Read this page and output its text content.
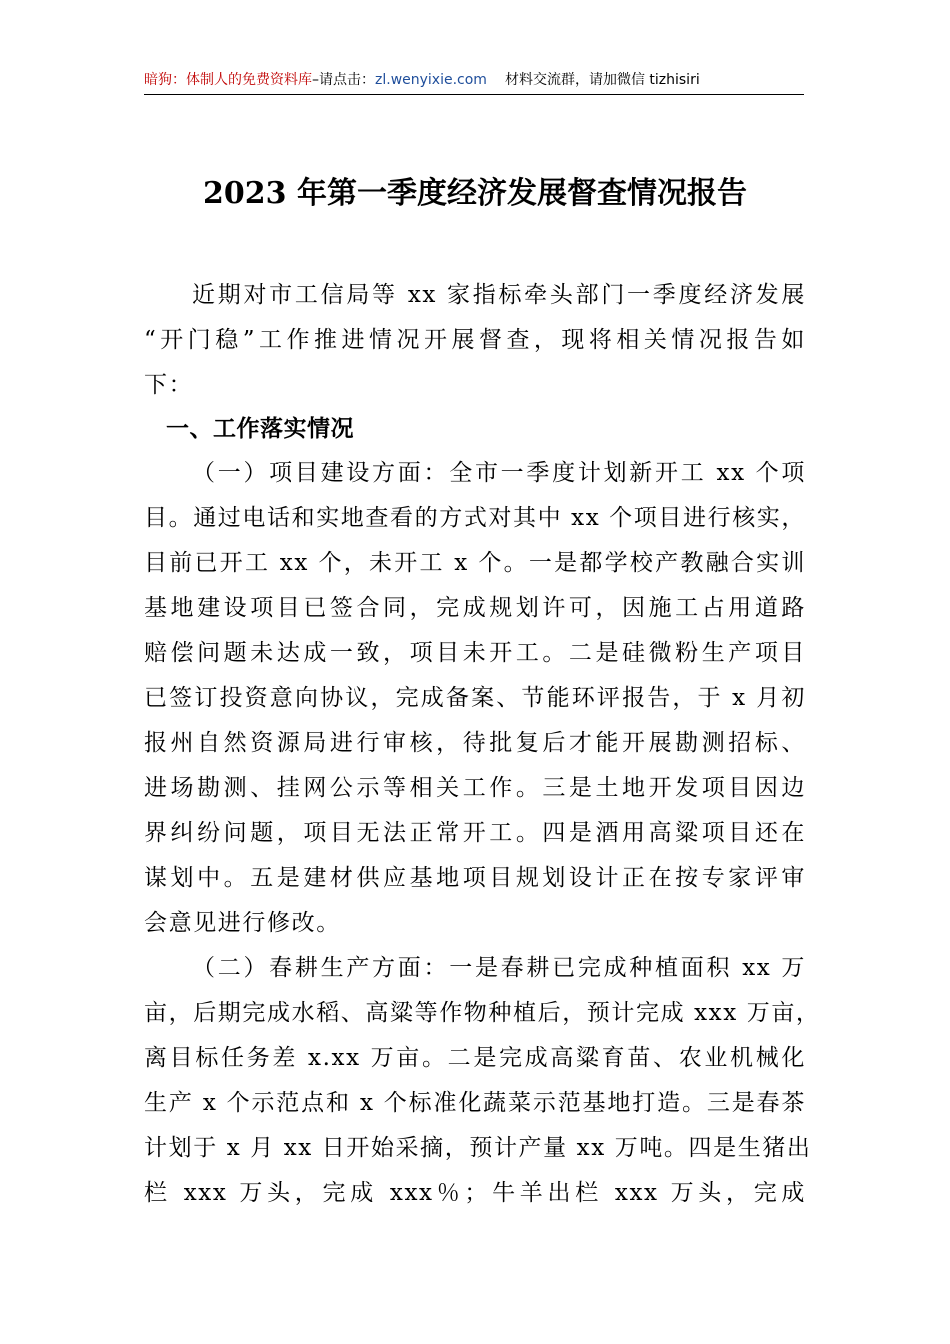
暗狗：体制人的免费资料库–请点击：zl.wenyixie.com 材料交流群，请加微信 tizhisiri
2023 年第一季度经济发展督查情况报告
近期对市工信局等 xx 家指标牵头部门一季度经济发展
“开门稳”工作推进情况开展督查，现将相关情况报告如
下：
一、工作落实情况
（一）项目建设方面：全市一季度计划新开工 xx 个项
目。通过电话和实地查看的方式对其中 xx 个项目进行核实，
目前已开工 xx 个，未开工 x 个。一是都学校产教融合实训
基地建设项目已签合同，完成规划许可，因施工占用道路
赔偿问题未达成一致，项目未开工。二是硅微粉生产项目
已签订投资意向协议，完成备案、节能环评报告，于 x 月初
报州自然资源局进行审核，待批复后才能开展勘测招标、
进场勘测、挂网公示等相关工作。三是土地开发项目因边
界纠纷问题，项目无法正常开工。四是酒用高粱项目还在
谋划中。五是建材供应基地项目规划设计正在按专家评审
会意见进行修改。
（二）春耕生产方面：一是春耕已完成种植面积 xx 万
亩，后期完成水稻、高粱等作物种植后，预计完成 xxx 万亩，
离目标任务差 x.xx 万亩。二是完成高粱育苗、农业机械化
生产 x 个示范点和 x 个标准化蔬菜示范基地打造。三是春茶
计划于 x 月 xx 日开始采摘，预计产量 xx 万吨。四是生猪出
栏 xxx 万头，完成 xxx％；牛羊出栏 xxx 万头，完成
